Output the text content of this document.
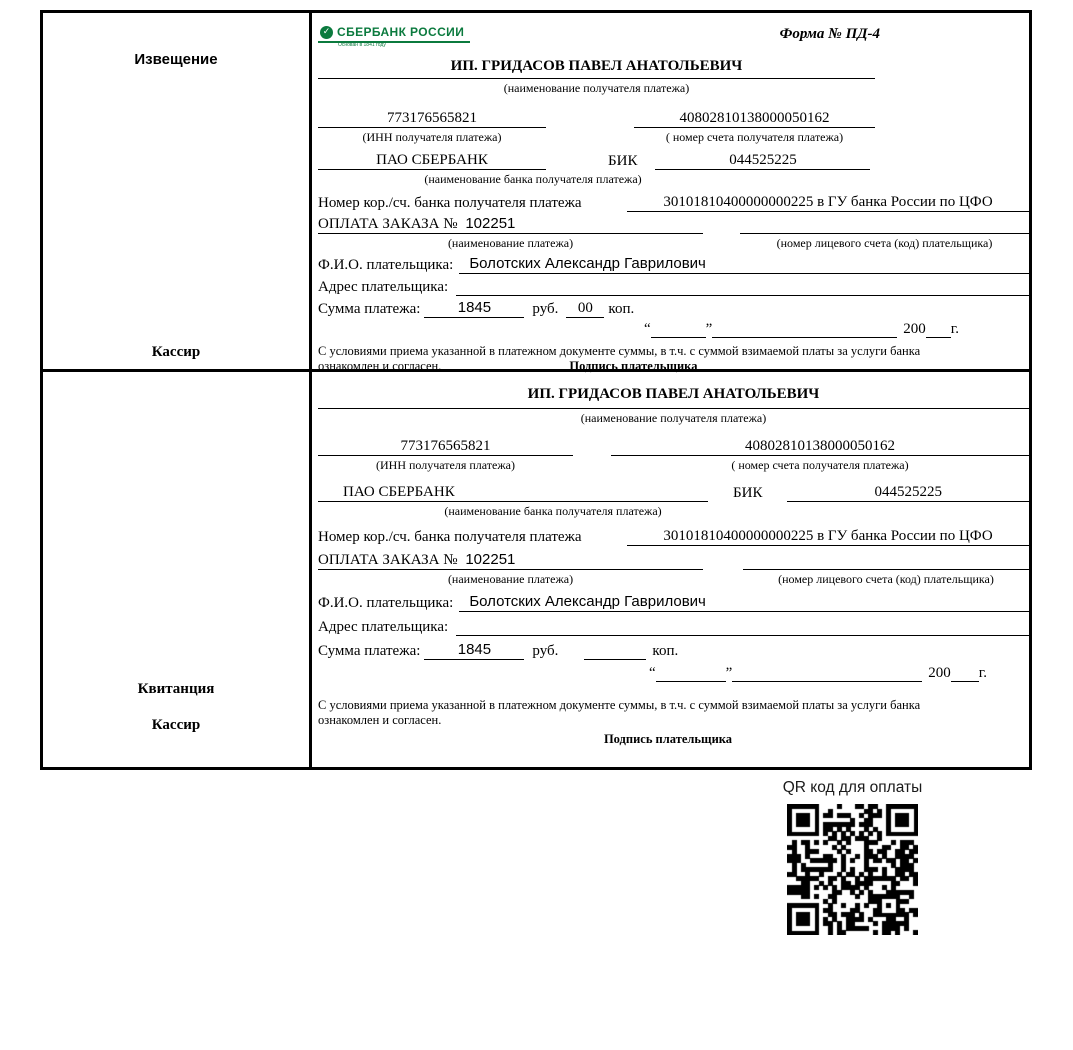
Извещение
Кассир
✓ СБЕРБАНК РОССИИ
Основан в 1841 году
Форма № ПД-4
ИП. ГРИДАСОВ ПАВЕЛ АНАТОЛЬЕВИЧ
(наименование получателя платежа)
773176565821	40802810138000050162
(ИНН получателя платежа)	( номер счета получателя платежа)
ПАО СБЕРБАНК	БИК	044525225
(наименование банка получателя платежа)
Номер кор./сч. банка получателя платежа	30101810400000000225 в ГУ банка России по ЦФО
ОПЛАТА ЗАКАЗА № 102251
(наименование платежа)	(номер лицевого счета (код) плательщика)
Ф.И.О. плательщика:	Болотских Александр Гаврилович
Адрес плательщика:
Сумма платежа:	1845	руб.	00	коп.
“	”	200 г.
С условиями приема указанной в платежном документе суммы, в т.ч. с суммой взимаемой платы за услуги банка
ознакомлен и согласен.	Подпись плательщика
Квитанция
Кассир
ИП. ГРИДАСОВ ПАВЕЛ АНАТОЛЬЕВИЧ
(наименование получателя платежа)
773176565821	40802810138000050162
(ИНН получателя платежа)	( номер счета получателя платежа)
ПАО СБЕРБАНК	БИК	044525225
(наименование банка получателя платежа)
Номер кор./сч. банка получателя платежа	30101810400000000225 в ГУ банка России по ЦФО
ОПЛАТА ЗАКАЗА № 102251
(наименование платежа)	(номер лицевого счета (код) плательщика)
Ф.И.О. плательщика:	Болотских Александр Гаврилович
Адрес плательщика:
Сумма платежа:	1845	руб.	коп.
“	”	200 г.
С условиями приема указанной в платежном документе суммы, в т.ч. с суммой взимаемой платы за услуги банка
ознакомлен и согласен.
Подпись плательщика
QR код для оплаты
